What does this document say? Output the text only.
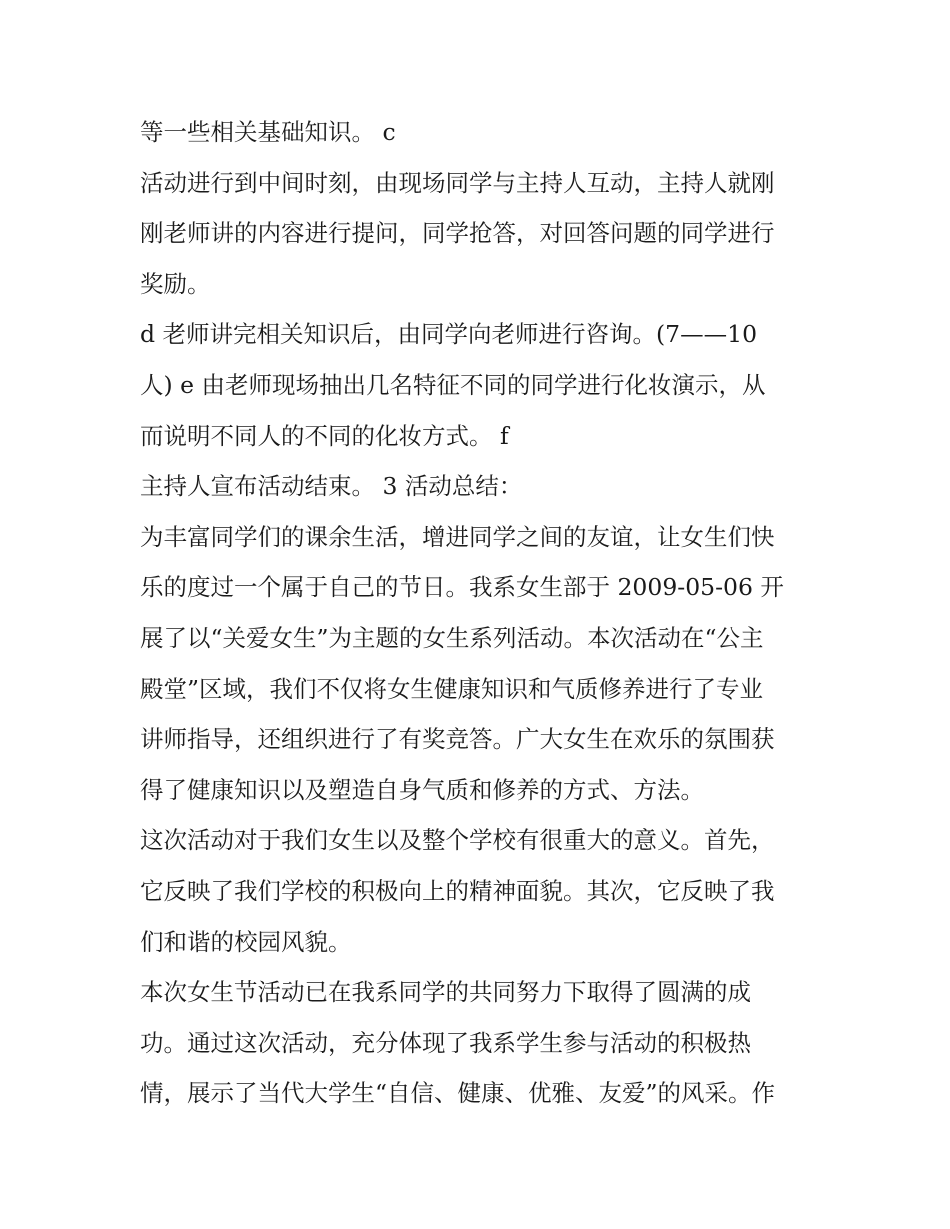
等一些相关基础知识。 c

活动进行到中间时刻，由现场同学与主持人互动，主持人就刚

刚老师讲的内容进行提问，同学抢答，对回答问题的同学进行

奖励。

d 老师讲完相关知识后，由同学向老师进行咨询。(7——10

人) e 由老师现场抽出几名特征不同的同学进行化妆演示，从

而说明不同人的不同的化妆方式。 f

主持人宣布活动结束。 3 活动总结：

为丰富同学们的课余生活，增进同学之间的友谊，让女生们快

乐的度过一个属于自己的节日。我系女生部于 2009-05-06 开

展了以“关爱女生”为主题的女生系列活动。本次活动在“公主

殿堂”区域，我们不仅将女生健康知识和气质修养进行了专业

讲师指导，还组织进行了有奖竞答。广大女生在欢乐的氛围获

得了健康知识以及塑造自身气质和修养的方式、方法。

这次活动对于我们女生以及整个学校有很重大的意义。首先，

它反映了我们学校的积极向上的精神面貌。其次，它反映了我

们和谐的校园风貌。

本次女生节活动已在我系同学的共同努力下取得了圆满的成

功。通过这次活动，充分体现了我系学生参与活动的积极热

情，展示了当代大学生“自信、健康、优雅、友爱”的风采。作
